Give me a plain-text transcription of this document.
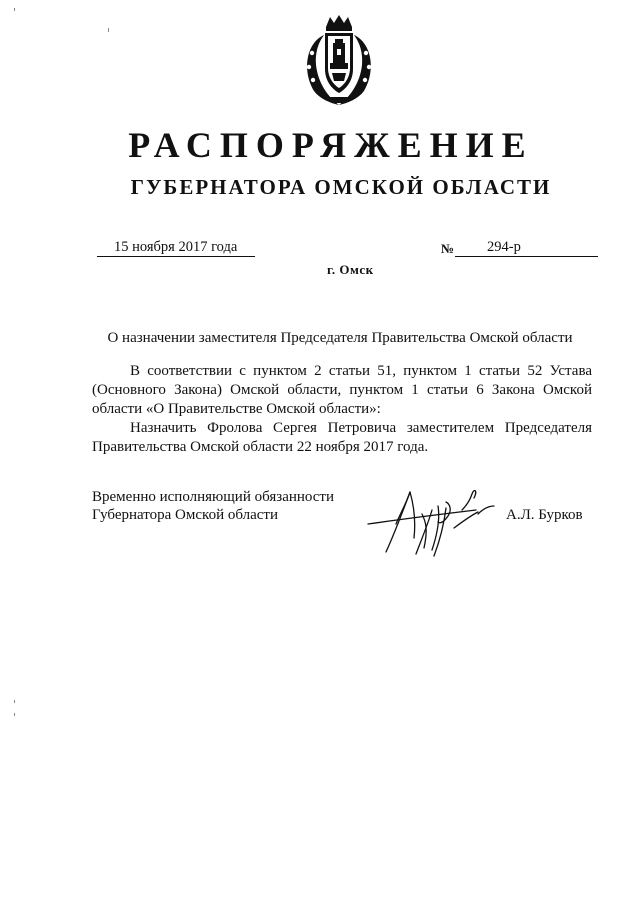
РАСПОРЯЖЕНИЕ
ГУБЕРНАТОРА ОМСКОЙ ОБЛАСТИ
15 ноября 2017 года	№ 294-р
г. Омск
О назначении заместителя Председателя Правительства Омской области

В соответствии с пунктом 2 статьи 51, пунктом 1 статьи 52 Устава (Основного Закона) Омской области, пунктом 1 статьи 6 Закона Омской области «О Правительстве Омской области»:

Назначить Фролова Сергея Петровича заместителем Председателя Правительства Омской области 22 ноября 2017 года.

Временно исполняющий обязанности
Губернатора Омской области	А.Л. Бурков
